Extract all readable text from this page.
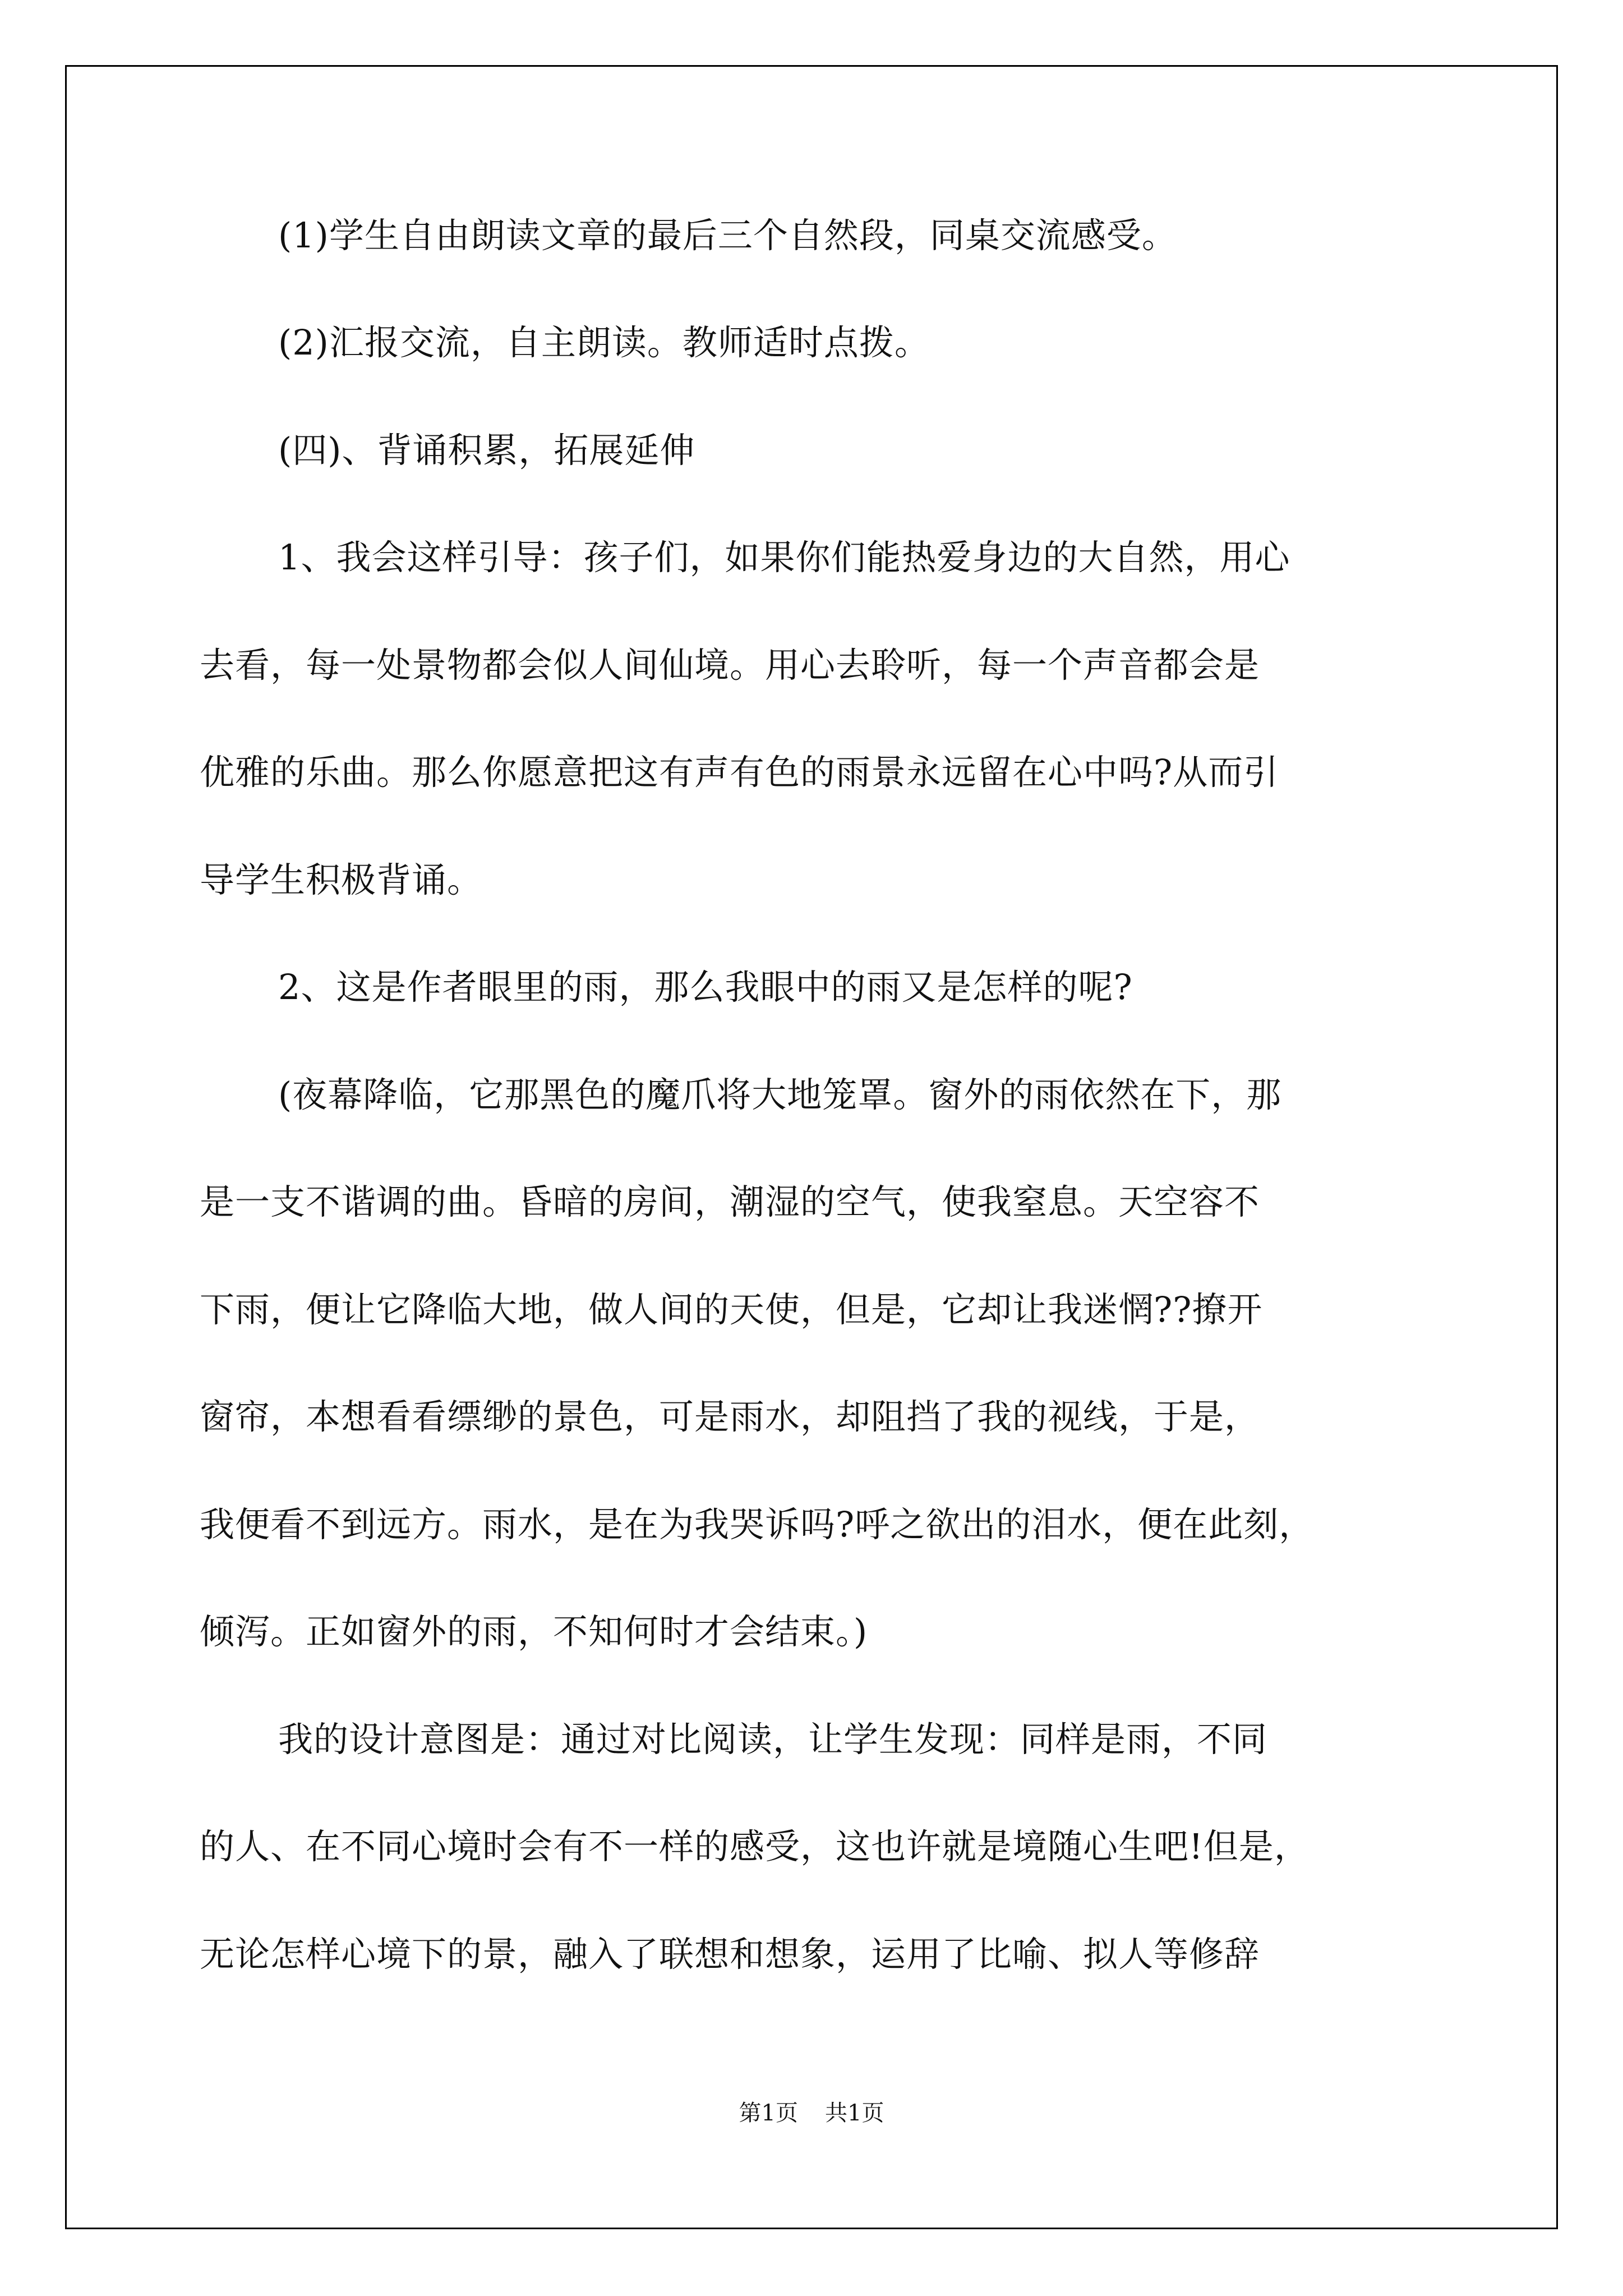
(1)学生自由朗读文章的最后三个自然段，同桌交流感受。
(2)汇报交流，自主朗读。教师适时点拨。
(四)、背诵积累，拓展延伸
1、我会这样引导：孩子们，如果你们能热爱身边的大自然，用心
去看，每一处景物都会似人间仙境。用心去聆听，每一个声音都会是
优雅的乐曲。那么你愿意把这有声有色的雨景永远留在心中吗?从而引
导学生积极背诵。
2、这是作者眼里的雨，那么我眼中的雨又是怎样的呢?
(夜幕降临，它那黑色的魔爪将大地笼罩。窗外的雨依然在下，那
是一支不谐调的曲。昏暗的房间，潮湿的空气，使我窒息。天空容不
下雨，便让它降临大地，做人间的天使，但是，它却让我迷惘??撩开
窗帘，本想看看缥缈的景色，可是雨水，却阻挡了我的视线，于是，
我便看不到远方。雨水，是在为我哭诉吗?呼之欲出的泪水，便在此刻，
倾泻。正如窗外的雨，不知何时才会结束。)
我的设计意图是：通过对比阅读，让学生发现：同样是雨，不同
的人、在不同心境时会有不一样的感受，这也许就是境随心生吧!但是，
无论怎样心境下的景，融入了联想和想象，运用了比喻、拟人等修辞
第1页 共1页
